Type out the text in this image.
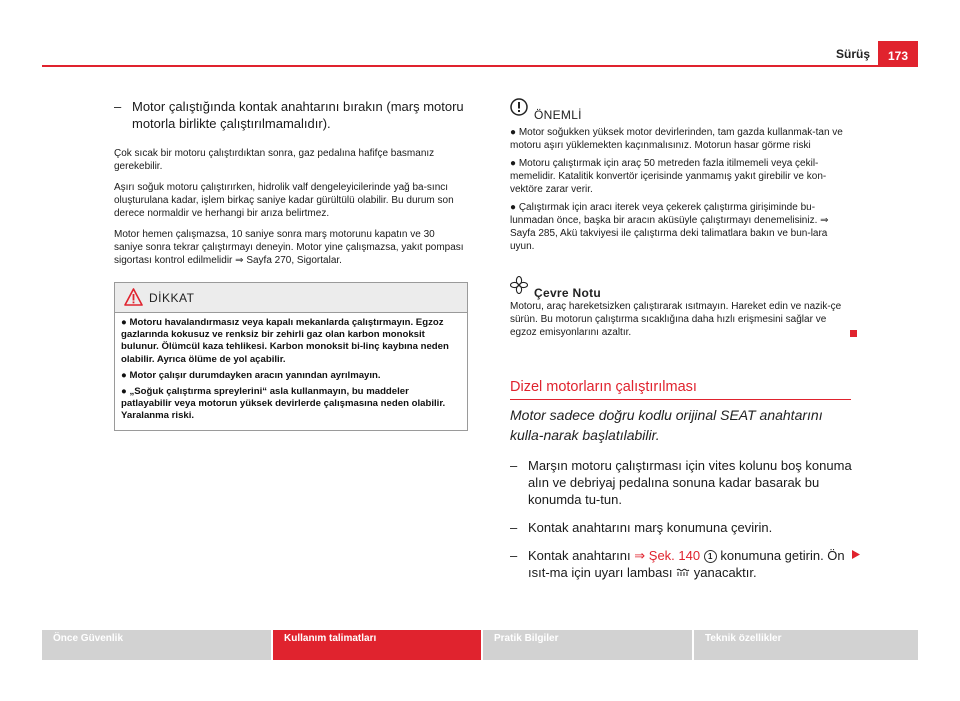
Sürüş	173

– Motor çalıştığında kontak anahtarını bırakın (marş motoru motorla birlikte çalıştırılmamalıdır).

Çok sıcak bir motoru çalıştırdıktan sonra, gaz pedalına hafifçe basmanız gerekebilir.

Aşırı soğuk motoru çalıştırırken, hidrolik valf dengeleyicilerinde yağ ba-sıncı oluşturulana kadar, işlem birkaç saniye kadar gürültülü olabilir. Bu durum son derece normaldir ve herhangi bir arıza belirtmez.

Motor hemen çalışmazsa, 10 saniye sonra marş motorunu kapatın ve 30 saniye sonra tekrar çalıştırmayı deneyin. Motor yine çalışmazsa, yakıt pompası sigortası kontrol edilmelidir ⇒ Sayfa 270, Sigortalar.

DİKKAT

● Motoru havalandırmasız veya kapalı mekanlarda çalıştırmayın. Egzoz gazlarında kokusuz ve renksiz bir zehirli gaz olan karbon monoksit bulunur. Ölümcül kaza tehlikesi. Karbon monoksit bi-linç kaybına neden olabilir. Ayrıca ölüme de yol açabilir.

● Motor çalışır durumdayken aracın yanından ayrılmayın.

● „Soğuk çalıştırma spreylerini“ asla kullanmayın, bu maddeler patlayabilir veya motorun yüksek devirlerde çalışmasına neden olabilir. Yaralanma riski.

ÖNEMLİ

● Motor soğukken yüksek motor devirlerinden, tam gazda kullanmak-tan ve motoru aşırı yüklemekten kaçınmalısınız. Motorun hasar görme riski

● Motoru çalıştırmak için araç 50 metreden fazla itilmemeli veya çekil-memelidir. Katalitik konvertör içerisinde yanmamış yakıt girebilir ve kon-vektöre zarar verir.

● Çalıştırmak için aracı iterek veya çekerek çalıştırma girişiminde bu-lunmadan önce, başka bir aracın aküsüyle çalıştırmayı denemelisiniz. ⇒ Sayfa 285, Akü takviyesi ile çalıştırma deki talimatlara bakın ve bun-lara uyun.

Çevre Notu

Motoru, araç hareketsizken çalıştırarak ısıtmayın. Hareket edin ve nazik-çe sürün. Bu motorun çalıştırma sıcaklığına daha hızlı erişmesini sağlar ve egzoz emisyonlarını azaltır.

Dizel motorların çalıştırılması

Motor sadece doğru kodlu orijinal SEAT anahtarını kulla-narak başlatılabilir.

– Marşın motoru çalıştırması için vites kolunu boş konuma alın ve debriyaj pedalına sonuna kadar basarak bu konumda tu-tun.

– Kontak anahtarını marş konumuna çevirin.

– Kontak anahtarını ⇒ Şek. 140 1 konumuna getirin. Ön ısıt-ma için uyarı lambası yanacaktır.

Önce Güvenlik	Kullanım talimatları	Pratik Bilgiler	Teknik özellikler
